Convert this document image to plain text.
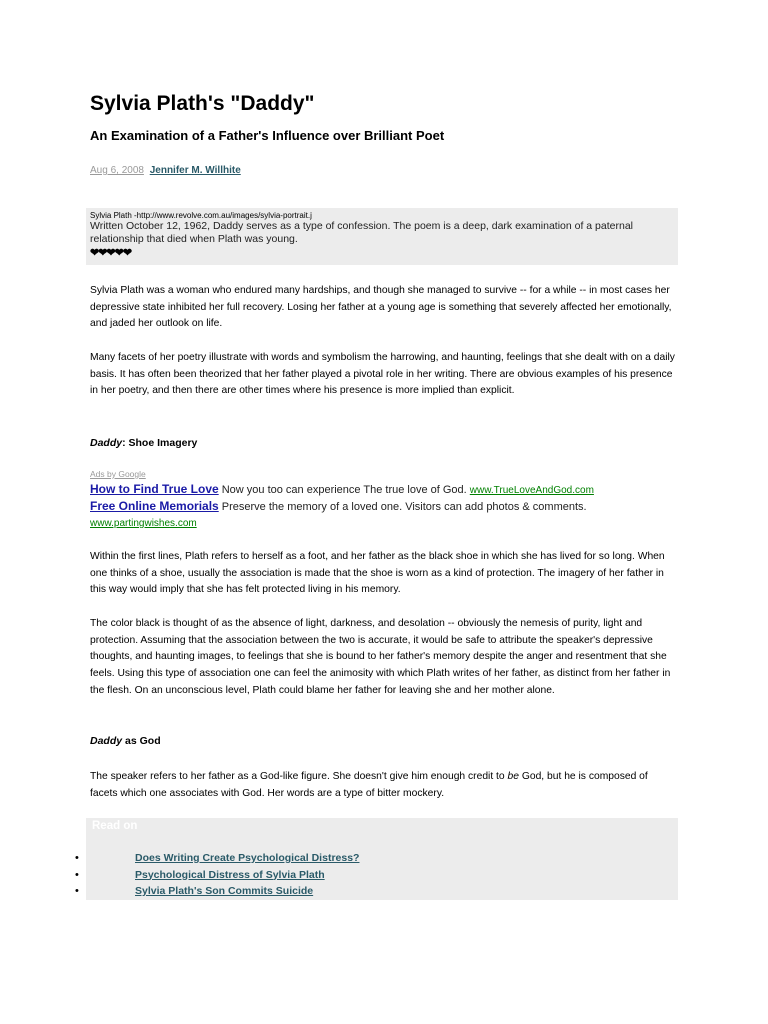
Sylvia Plath's "Daddy"
An Examination of a Father's Influence over Brilliant Poet
Aug 6, 2008 Jennifer M. Willhite
Sylvia Plath -http://www.revolve.com.au/images/sylvia-portrait.j
Written October 12, 1962, Daddy serves as a type of confession. The poem is a deep, dark examination of a paternal relationship that died when Plath was young.
❤❤❤❤❤

Sylvia Plath was a woman who endured many hardships, and though she managed to survive -- for a while -- in most cases her depressive state inhibited her full recovery. Losing her father at a young age is something that severely affected her emotionally, and jaded her outlook on life.

Many facets of her poetry illustrate with words and symbolism the harrowing, and haunting, feelings that she dealt with on a daily basis. It has often been theorized that her father played a pivotal role in her writing. There are obvious examples of his presence in her poetry, and then there are other times where his presence is more implied than explicit.

Daddy: Shoe Imagery

Ads by Google
How to Find True Love Now you too can experience The true love of God. www.TrueLoveAndGod.com
Free Online Memorials Preserve the memory of a loved one. Visitors can add photos & comments. www.partingwishes.com

Within the first lines, Plath refers to herself as a foot, and her father as the black shoe in which she has lived for so long. When one thinks of a shoe, usually the association is made that the shoe is worn as a kind of protection. The imagery of her father in this way would imply that she has felt protected living in his memory.

The color black is thought of as the absence of light, darkness, and desolation -- obviously the nemesis of purity, light and protection. Assuming that the association between the two is accurate, it would be safe to attribute the speaker's depressive thoughts, and haunting images, to feelings that she is bound to her father's memory despite the anger and resentment that she feels. Using this type of association one can feel the animosity with which Plath writes of her father, as distinct from her father in the flesh. On an unconscious level, Plath could blame her father for leaving she and her mother alone.

Daddy as God

The speaker refers to her father as a God-like figure. She doesn't give him enough credit to be God, but he is composed of facets which one associates with God. Her words are a type of bitter mockery.

Read on
•	Does Writing Create Psychological Distress?
•	Psychological Distress of Sylvia Plath
•	Sylvia Plath's Son Commits Suicide
